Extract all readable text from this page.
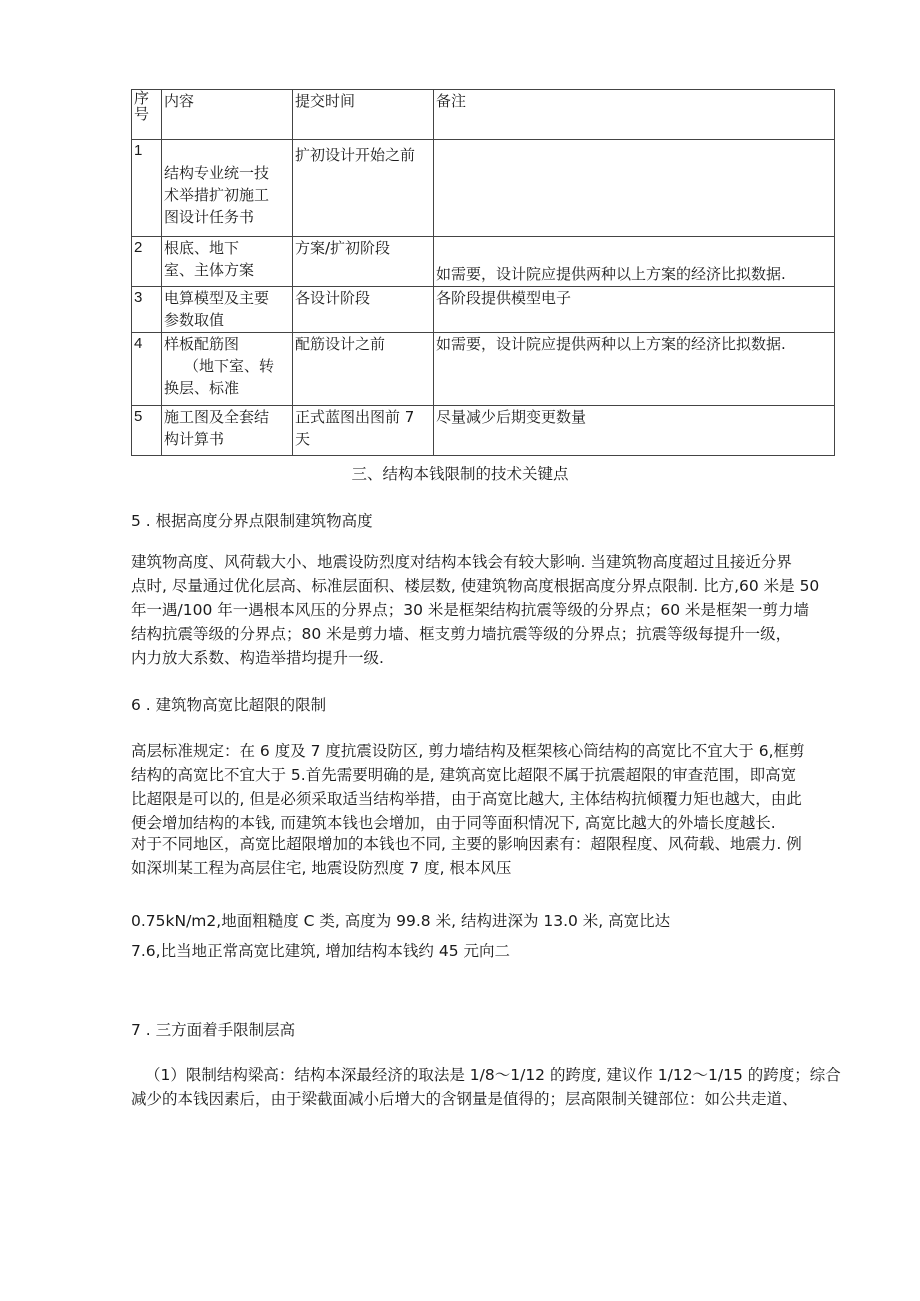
序
号	内容	提交时间	备注
1	结构专业统一技
术举措扩初施工
图设计任务书	扩初设计开始之前	

2	根底、地下
室、主体方案	方案/扩初阶段	如需要，设计院应提供两种以上方案的经济比拟数据.
3	电算模型及主要
参数取值	各设计阶段	各阶段提供模型电子
4	样板配筋图
（地下室、转
换层、标准	配筋设计之前	如需要，设计院应提供两种以上方案的经济比拟数据.
5	施工图及全套结
构计算书	正式蓝图出图前 7
天	尽量减少后期变更数量
三、结构本钱限制的技术关键点

5 . 根据高度分界点限制建筑物高度

建筑物高度、风荷载大小、地震设防烈度对结构本钱会有较大影响. 当建筑物高度超过且接近分界
点时, 尽量通过优化层高、标准层面积、楼层数, 使建筑物高度根据高度分界点限制. 比方,60 米是 50
年一遇/100 年一遇根本风压的分界点；30 米是框架结构抗震等级的分界点；60 米是框架一剪力墙
结构抗震等级的分界点；80 米是剪力墙、框支剪力墙抗震等级的分界点；抗震等级每提升一级，
内力放大系数、构造举措均提升一级.

6 . 建筑物高宽比超限的限制

高层标准规定：在 6 度及 7 度抗震设防区, 剪力墙结构及框架核心筒结构的高宽比不宜大于 6,框剪
结构的高宽比不宜大于 5.首先需要明确的是, 建筑高宽比超限不属于抗震超限的审查范围，即高宽
比超限是可以的, 但是必须采取适当结构举措，由于高宽比越大, 主体结构抗倾覆力矩也越大，由此
便会增加结构的本钱, 而建筑本钱也会增加，由于同等面积情况下, 高宽比越大的外墙长度越长.

对于不同地区，高宽比超限增加的本钱也不同, 主要的影响因素有：超限程度、风荷载、地震力. 例
如深圳某工程为高层住宅, 地震设防烈度 7 度, 根本风压

0.75kN/m2,地面粗糙度 C 类, 高度为 99.8 米, 结构进深为 13.0 米, 高宽比达
7.6,比当地正常高宽比建筑, 增加结构本钱约 45 元向二

7 . 三方面着手限制层高

（1）限制结构梁高：结构本深最经济的取法是 1/8～1/12 的跨度, 建议作 1/12～1/15 的跨度；综合
减少的本钱因素后，由于梁截面减小后增大的含钢量是值得的；层高限制关键部位：如公共走道、
